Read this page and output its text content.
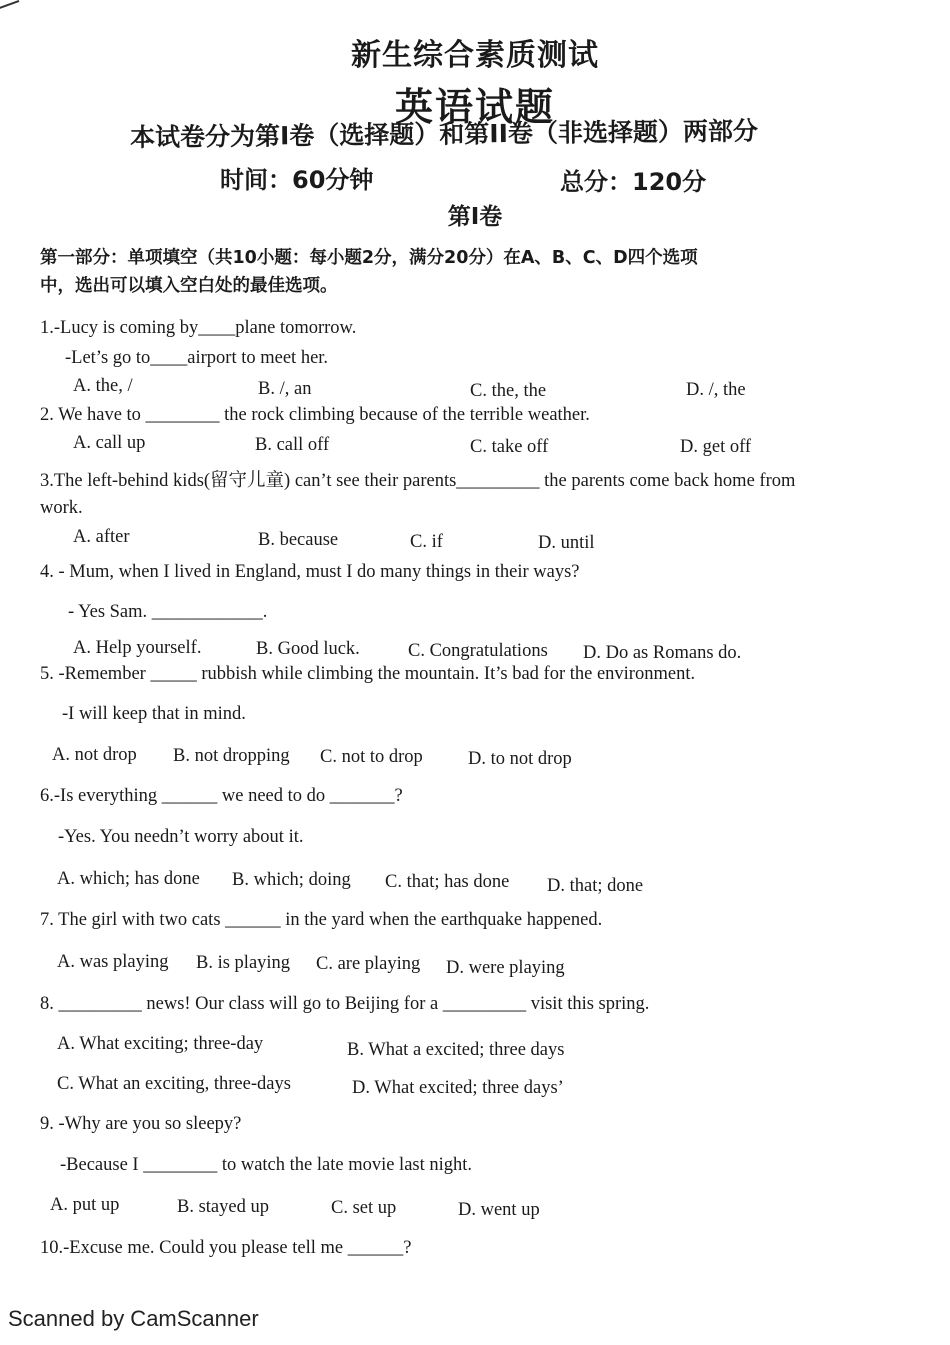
新生综合素质测试
英语试题
本试卷分为第Ⅰ卷（选择题）和第II卷（非选择题）两部分
时间：60分钟	总分：120分
第Ⅰ卷
第一部分：单项填空（共10小题：每小题2分，满分20分）在A、B、C、D四个选项
中，选出可以填入空白处的最佳选项。
1.-Lucy is coming by____plane tomorrow.
-Let’s go to____airport to meet her.
A. the, /	B. /, an	C. the, the	D. /, the
2. We have to ________ the rock climbing because of the terrible weather.
A. call up	B. call off	C. take off	D. get off
3.The left-behind kids(留守儿童) can’t see their parents_________ the parents come back home from
work.
A. after	B. because	C. if	D. until
4. - Mum, when I lived in England, must I do many things in their ways?
- Yes Sam. ____________.
A. Help yourself.	B. Good luck.	C. Congratulations D. Do as Romans do.
5. -Remember _____ rubbish while climbing the mountain. It’s bad for the environment.
-I will keep that in mind.
A. not drop B. not dropping C. not to drop D. to not drop
6.-Is everything ______ we need to do _______?
-Yes. You needn’t worry about it.
A. which; has done B. which; doing C. that; has done D. that; done
7. The girl with two cats ______ in the yard when the earthquake happened.
A. was playing B. is playing C. are playing D. were playing
8. _________ news! Our class will go to Beijing for a _________ visit this spring.
A. What exciting; three-day	B. What a excited; three days
C. What an exciting, three-days	D. What excited; three days’
9. -Why are you so sleepy?
-Because I ________ to watch the late movie last night.
A. put up	B. stayed up	C. set up	D. went up
10.-Excuse me. Could you please tell me ______?
Scanned by CamScanner
